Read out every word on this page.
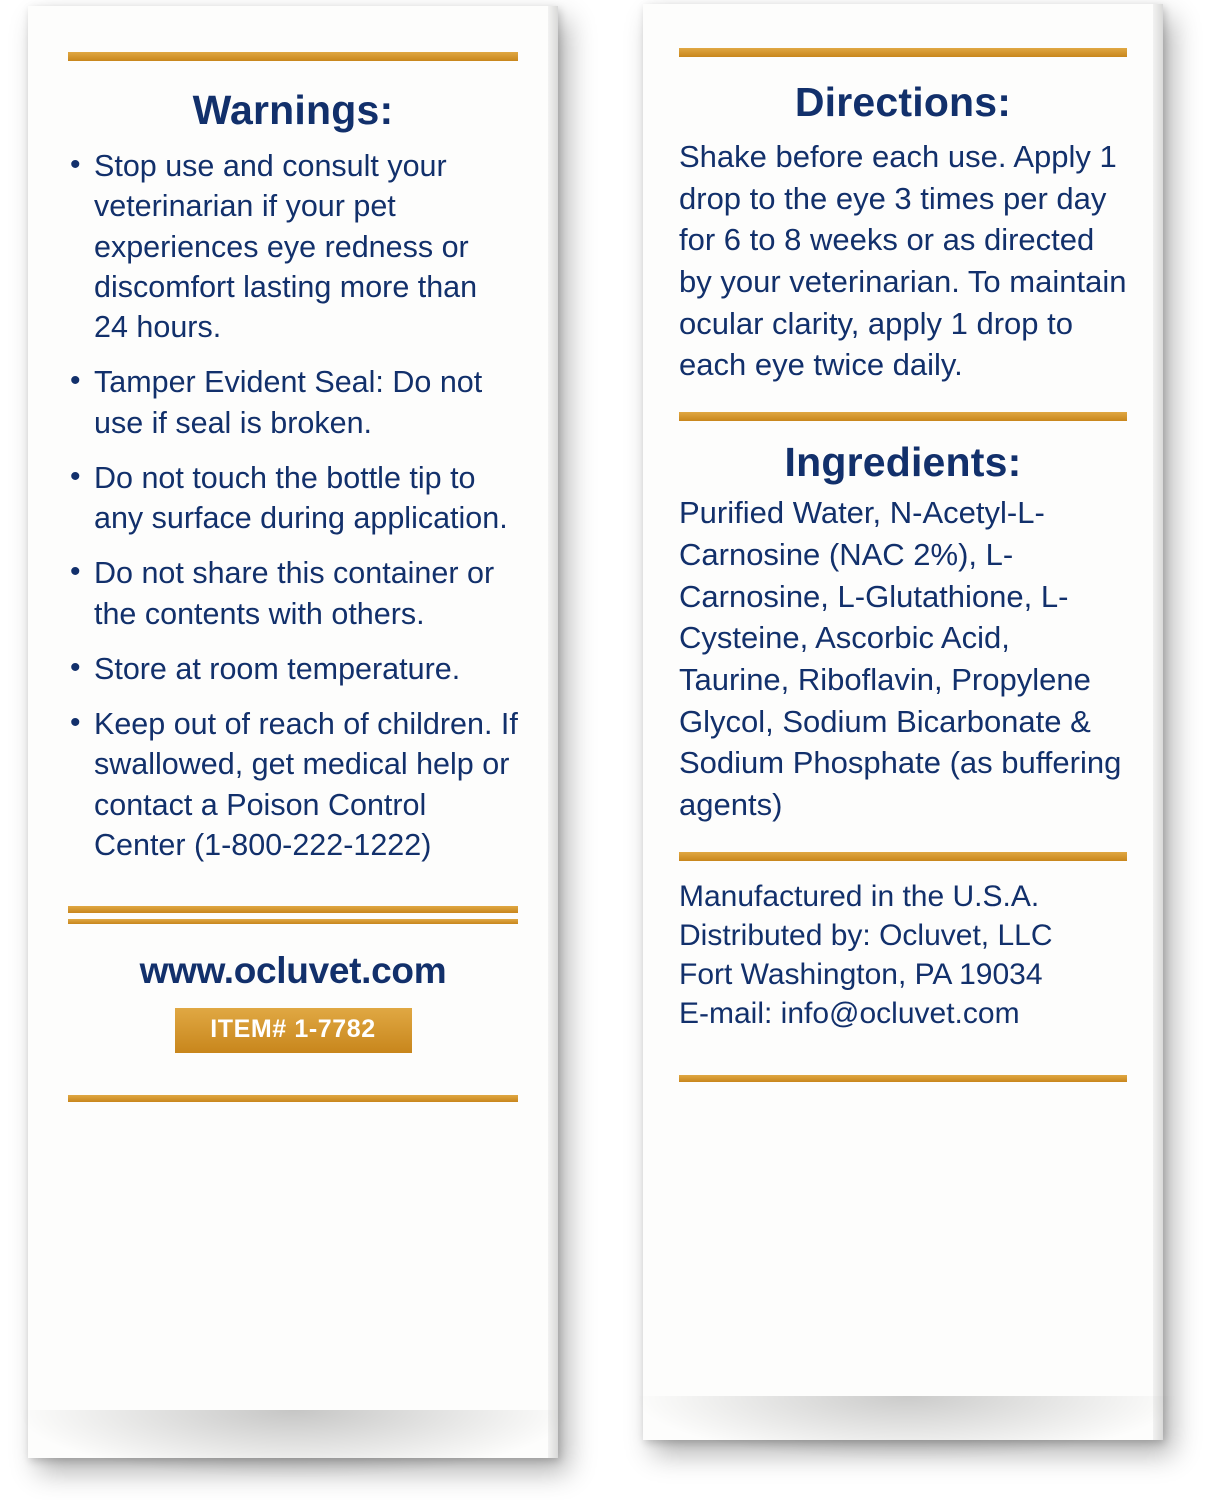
Warnings:
• Stop use and consult your veterinarian if your pet experiences eye redness or discomfort lasting more than 24 hours.
• Tamper Evident Seal: Do not use if seal is broken.
• Do not touch the bottle tip to any surface during application.
• Do not share this container or the contents with others.
• Store at room temperature.
• Keep out of reach of children. If swallowed, get medical help or contact a Poison Control Center (1-800-222-1222)
www.ocluvet.com
ITEM# 1-7782
Directions:
Shake before each use. Apply 1 drop to the eye 3 times per day for 6 to 8 weeks or as directed by your veterinarian. To maintain ocular clarity, apply 1 drop to each eye twice daily.
Ingredients:
Purified Water, N-Acetyl-L-Carnosine (NAC 2%), L-Carnosine, L-Glutathione, L-Cysteine, Ascorbic Acid, Taurine, Riboflavin, Propylene Glycol, Sodium Bicarbonate & Sodium Phosphate (as buffering agents)
Manufactured in the U.S.A.
Distributed by: Ocluvet, LLC
Fort Washington, PA 19034
E-mail: info@ocluvet.com
